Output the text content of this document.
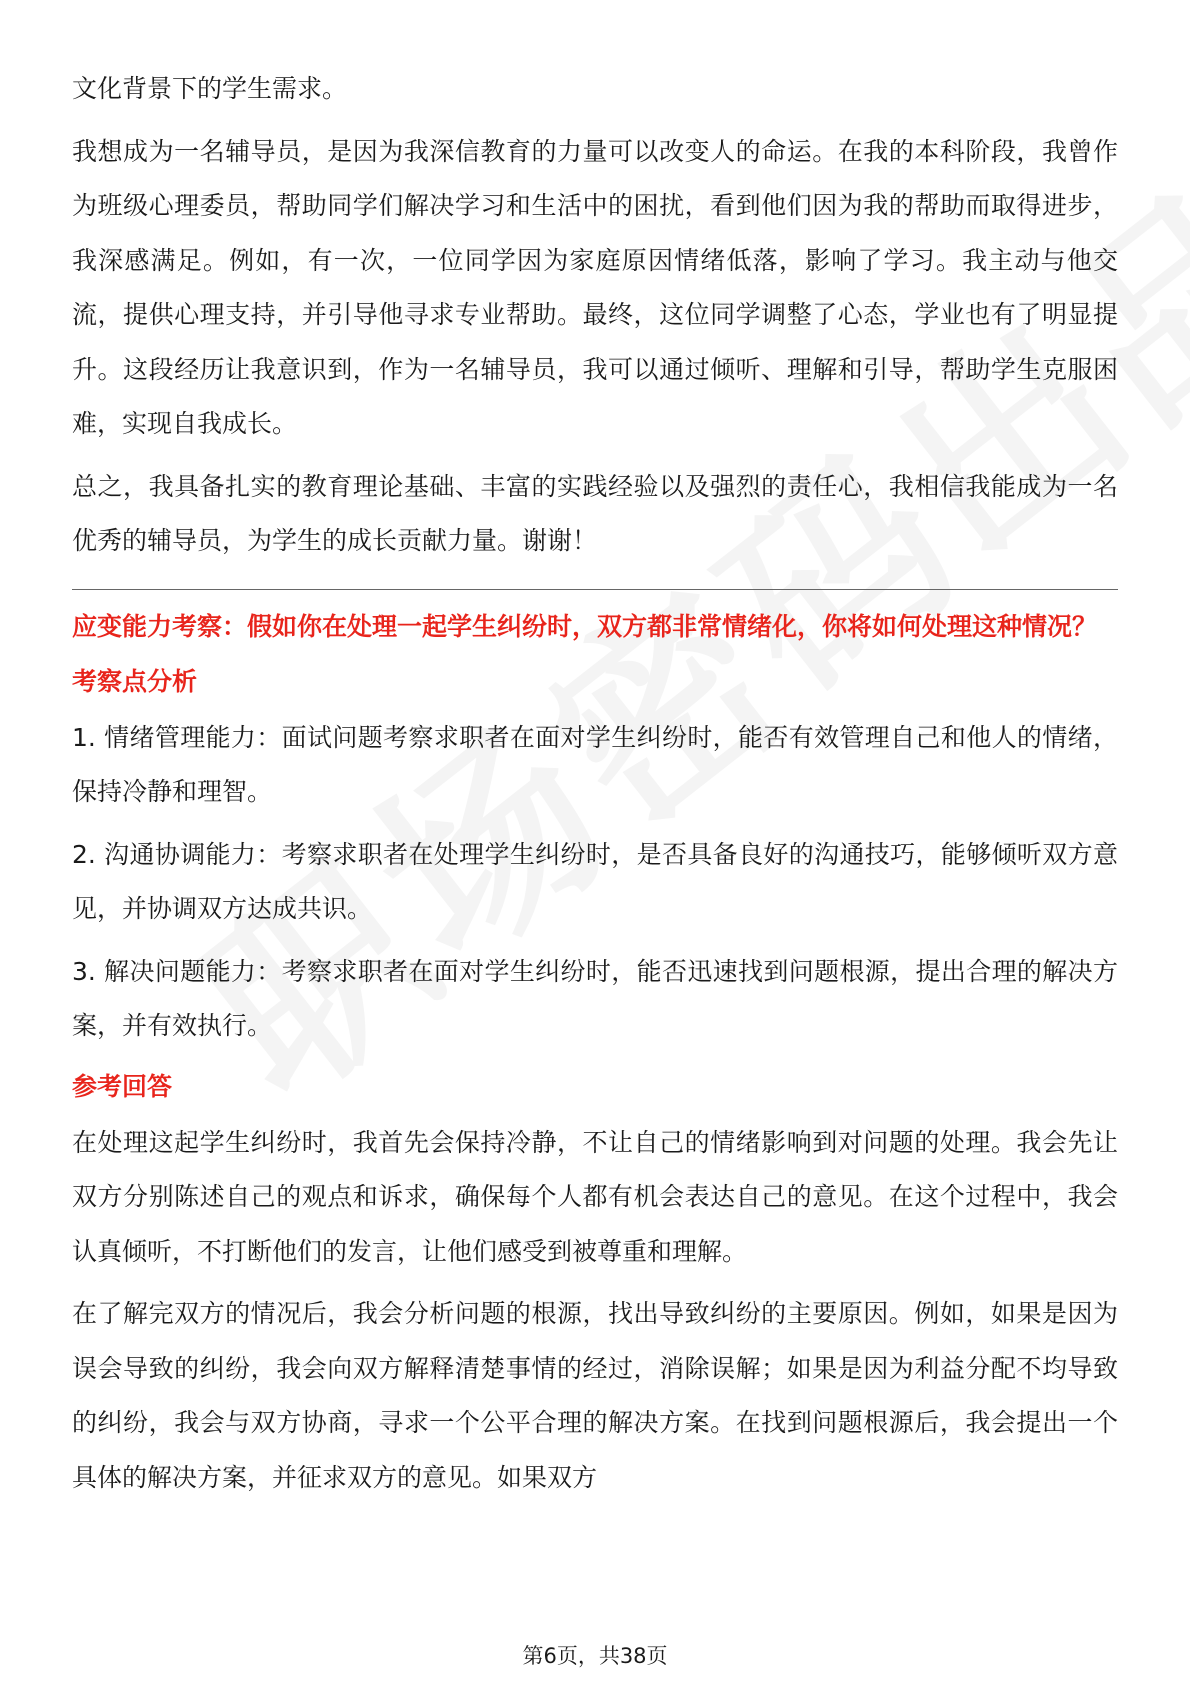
文化背景下的学生需求。

我想成为一名辅导员，是因为我深信教育的力量可以改变人的命运。在我的本科阶段，我曾作为班级心理委员，帮助同学们解决学习和生活中的困扰，看到他们因为我的帮助而取得进步，我深感满足。例如，有一次，一位同学因为家庭原因情绪低落，影响了学习。我主动与他交流，提供心理支持，并引导他寻求专业帮助。最终，这位同学调整了心态，学业也有了明显提升。这段经历让我意识到，作为一名辅导员，我可以通过倾听、理解和引导，帮助学生克服困难，实现自我成长。

总之，我具备扎实的教育理论基础、丰富的实践经验以及强烈的责任心，我相信我能成为一名优秀的辅导员，为学生的成长贡献力量。谢谢！

应变能力考察：假如你在处理一起学生纠纷时，双方都非常情绪化，你将如何处理这种情况？

考察点分析

1. 情绪管理能力：面试问题考察求职者在面对学生纠纷时，能否有效管理自己和他人的情绪，保持冷静和理智。

2. 沟通协调能力：考察求职者在处理学生纠纷时，是否具备良好的沟通技巧，能够倾听双方意见，并协调双方达成共识。

3. 解决问题能力：考察求职者在面对学生纠纷时，能否迅速找到问题根源，提出合理的解决方案，并有效执行。

参考回答

在处理这起学生纠纷时，我首先会保持冷静，不让自己的情绪影响到对问题的处理。我会先让双方分别陈述自己的观点和诉求，确保每个人都有机会表达自己的意见。在这个过程中，我会认真倾听，不打断他们的发言，让他们感受到被尊重和理解。

在了解完双方的情况后，我会分析问题的根源，找出导致纠纷的主要原因。例如，如果是因为误会导致的纠纷，我会向双方解释清楚事情的经过，消除误解；如果是因为利益分配不均导致的纠纷，我会与双方协商，寻求一个公平合理的解决方案。在找到问题根源后，我会提出一个具体的解决方案，并征求双方的意见。如果双方

第6页，共38页
